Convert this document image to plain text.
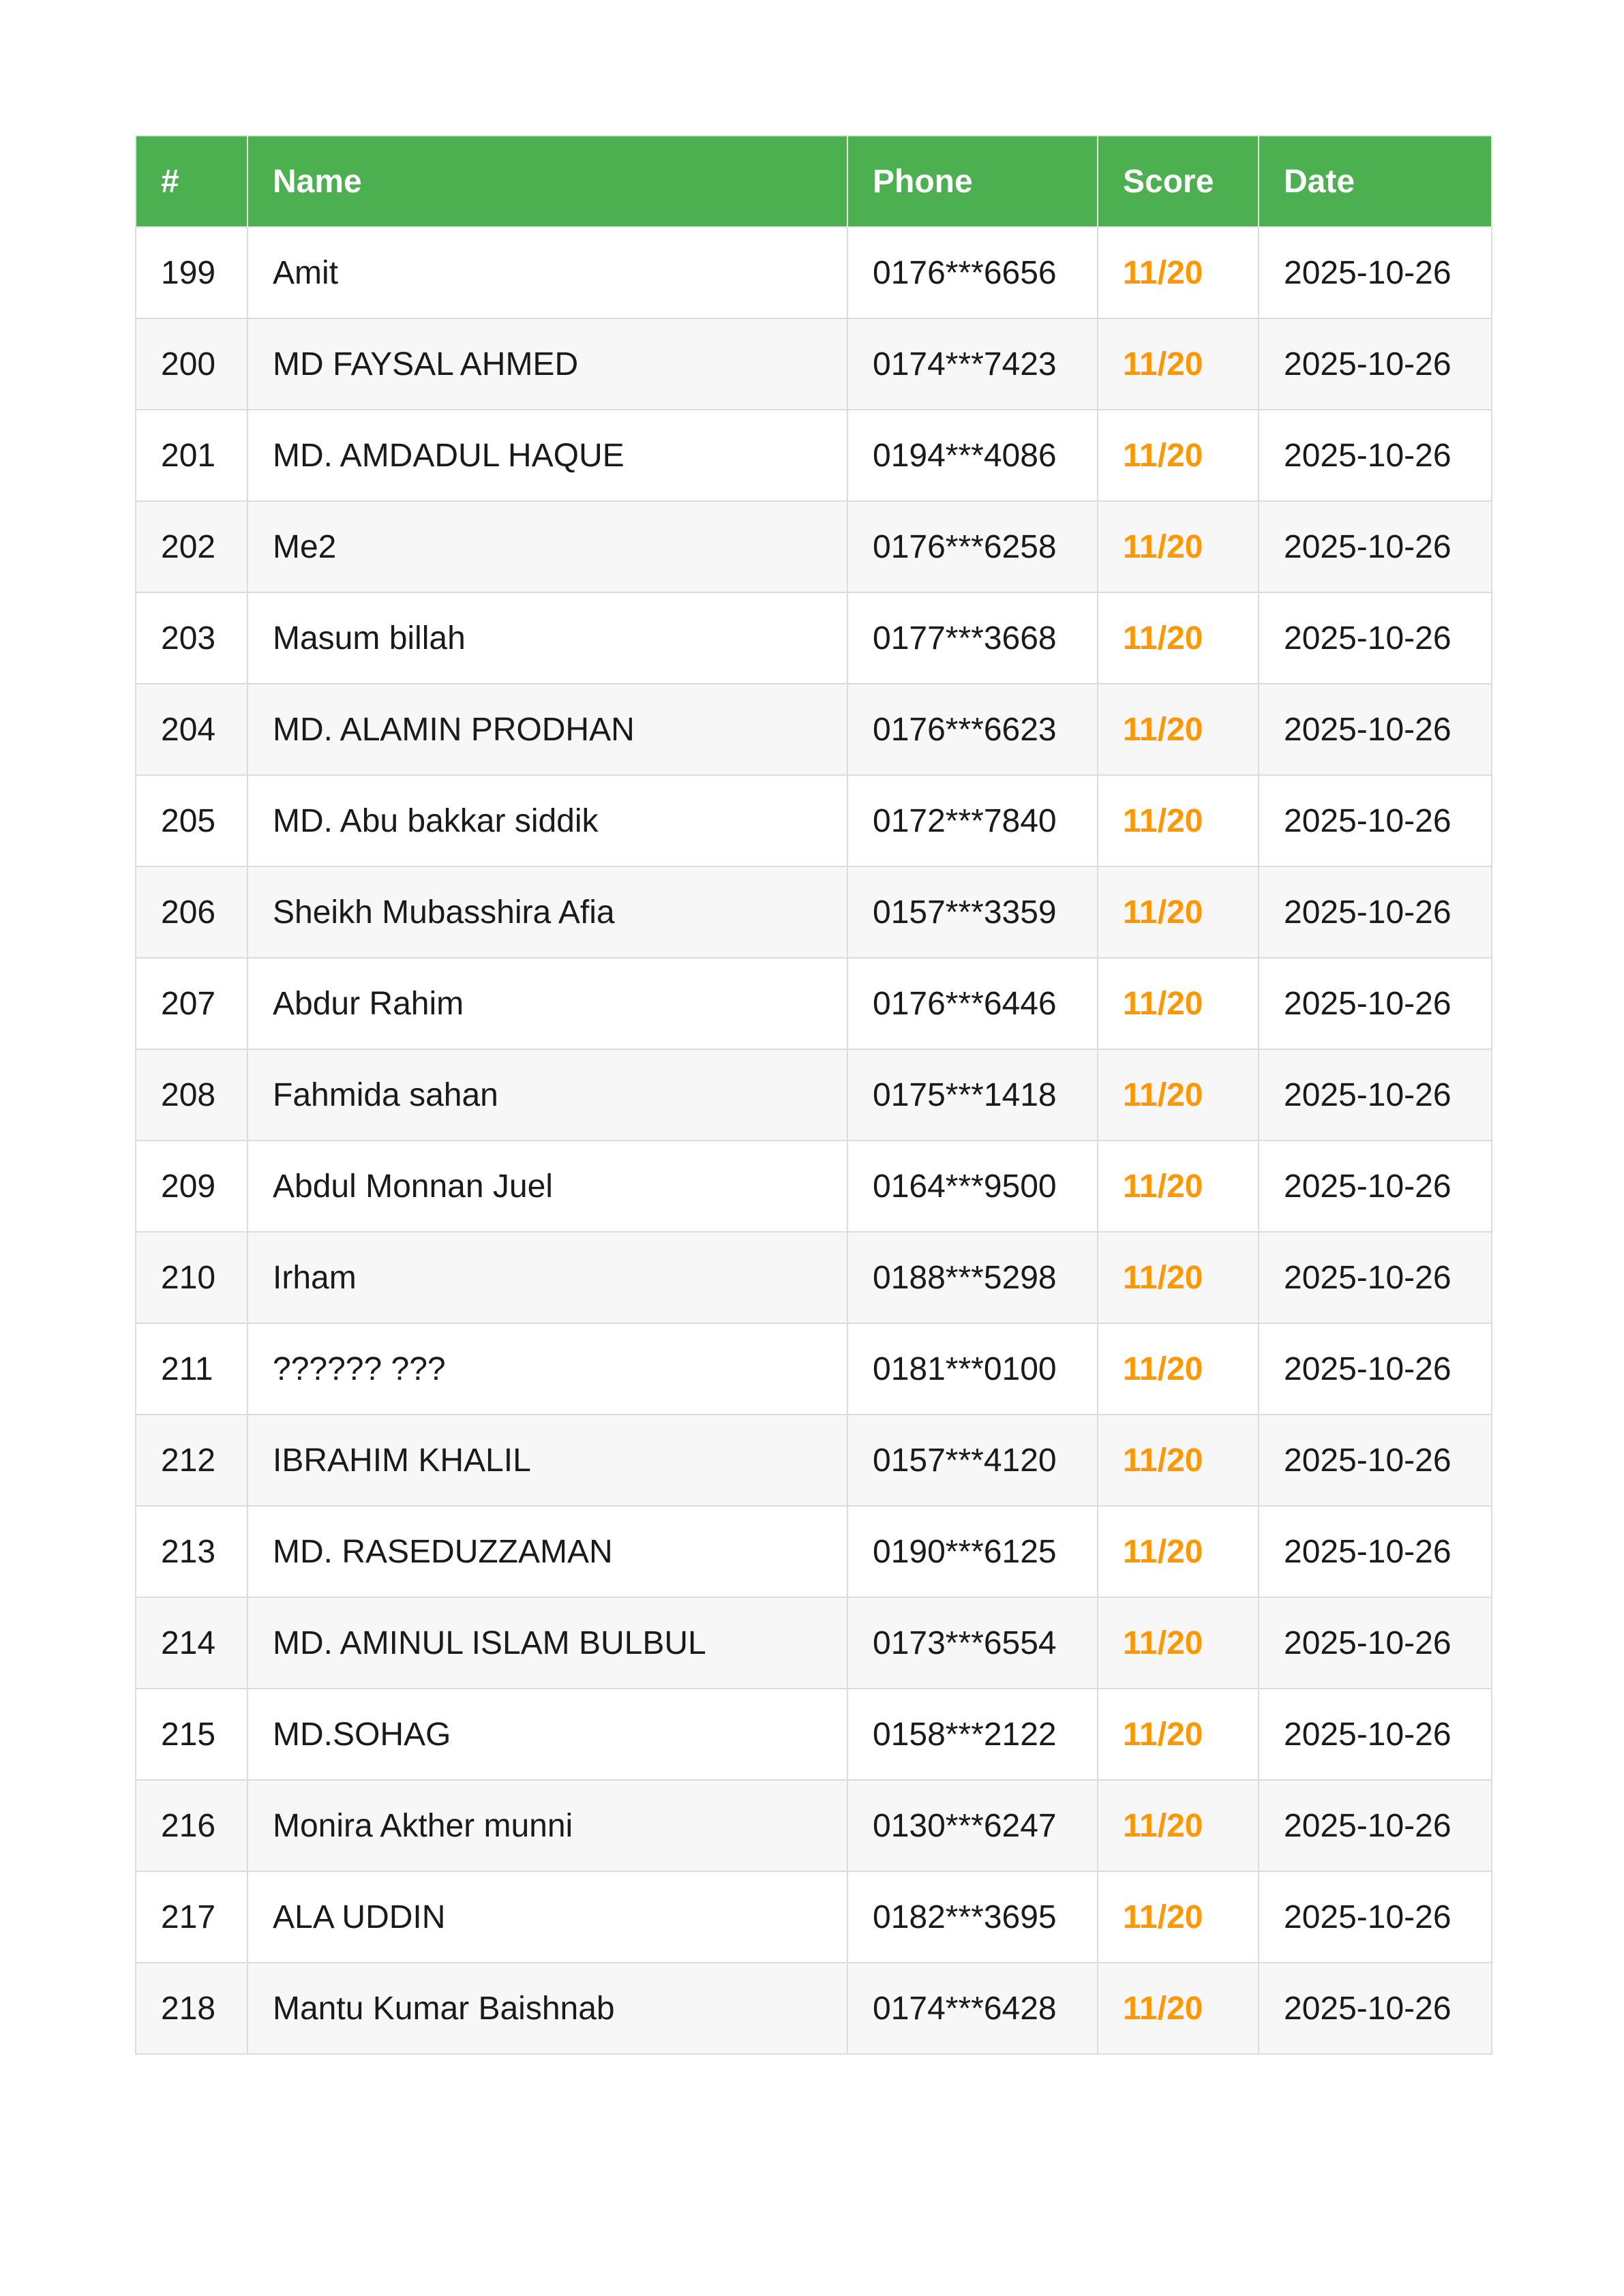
#	Name	Phone	Score	Date
199	Amit	0176***6656	11/20	2025-10-26
200	MD FAYSAL AHMED	0174***7423	11/20	2025-10-26
201	MD. AMDADUL HAQUE	0194***4086	11/20	2025-10-26
202	Me2	0176***6258	11/20	2025-10-26
203	Masum billah	0177***3668	11/20	2025-10-26
204	MD. ALAMIN PRODHAN	0176***6623	11/20	2025-10-26
205	MD. Abu bakkar siddik	0172***7840	11/20	2025-10-26
206	Sheikh Mubasshira Afia	0157***3359	11/20	2025-10-26
207	Abdur Rahim	0176***6446	11/20	2025-10-26
208	Fahmida sahan	0175***1418	11/20	2025-10-26
209	Abdul Monnan Juel	0164***9500	11/20	2025-10-26
210	Irham	0188***5298	11/20	2025-10-26
211	?????? ???	0181***0100	11/20	2025-10-26
212	IBRAHIM KHALIL	0157***4120	11/20	2025-10-26
213	MD. RASEDUZZAMAN	0190***6125	11/20	2025-10-26
214	MD. AMINUL ISLAM BULBUL	0173***6554	11/20	2025-10-26
215	MD.SOHAG	0158***2122	11/20	2025-10-26
216	Monira Akther munni	0130***6247	11/20	2025-10-26
217	ALA UDDIN	0182***3695	11/20	2025-10-26
218	Mantu Kumar Baishnab	0174***6428	11/20	2025-10-26
